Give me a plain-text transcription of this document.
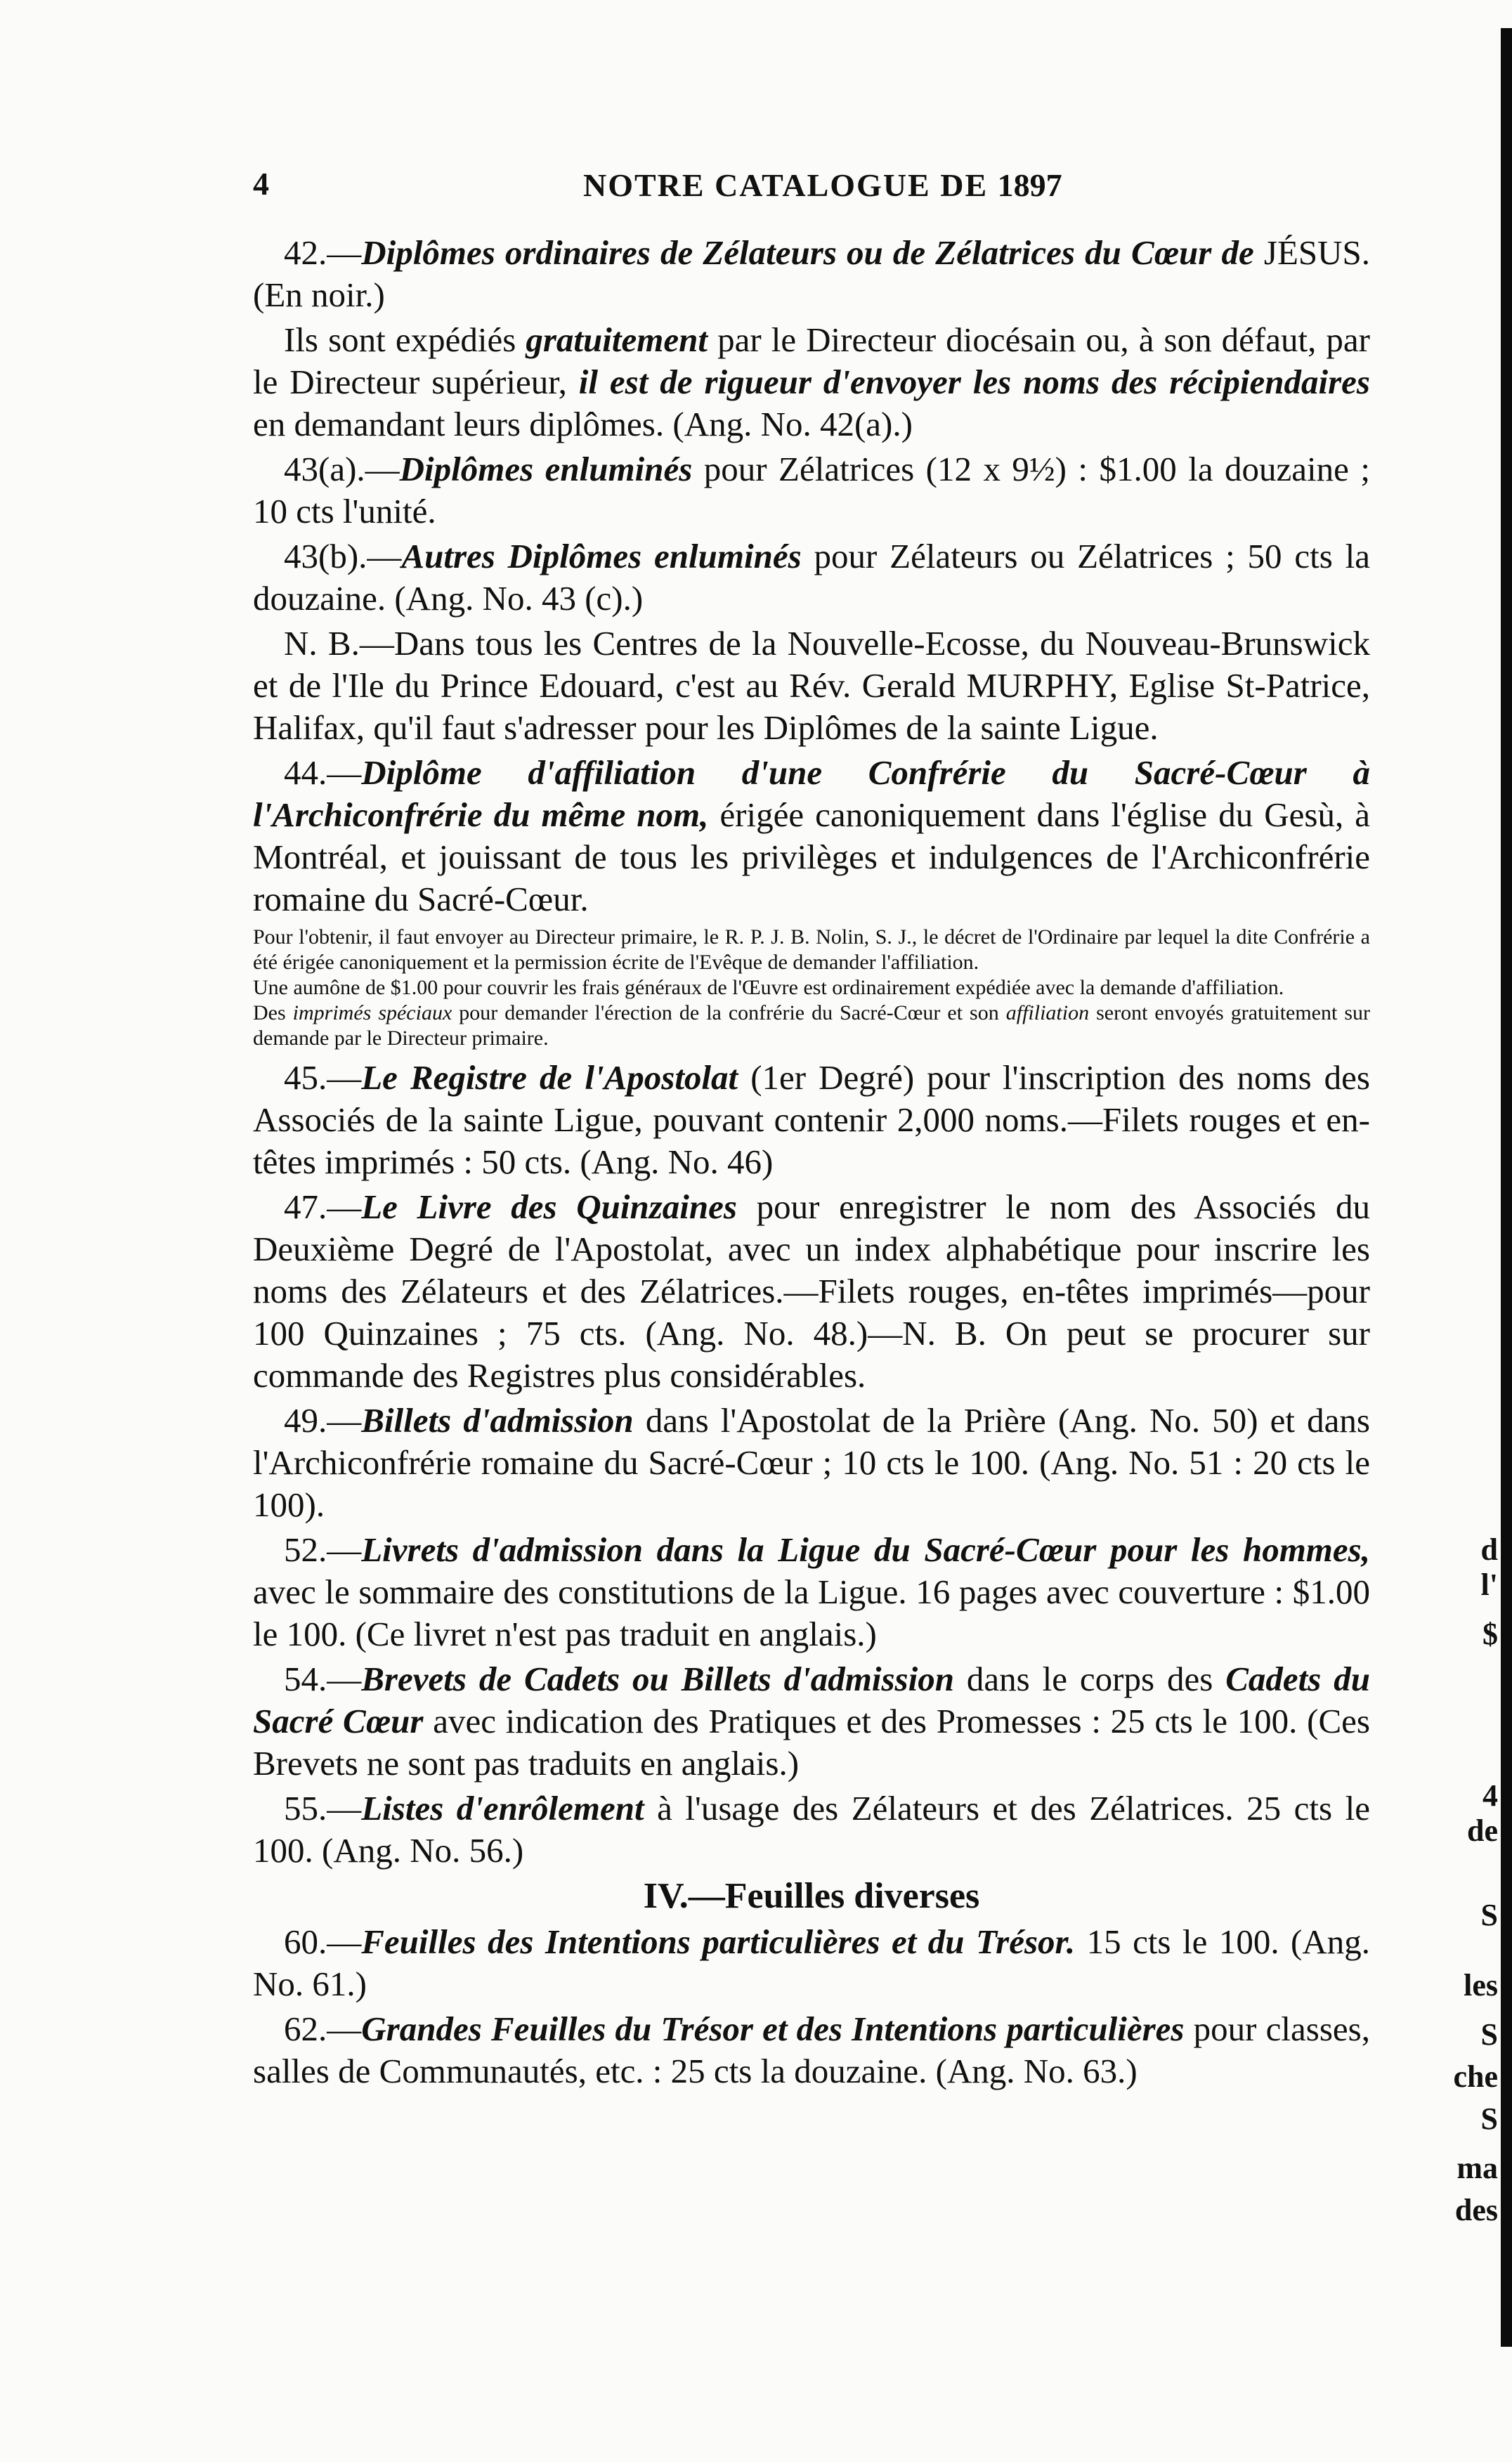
4	NOTRE CATALOGUE DE 1897

42.—Diplômes ordinaires de Zélateurs ou de Zélatrices du Cœur de JÉSUS. (En noir.)

Ils sont expédiés gratuitement par le Directeur diocésain ou, à son défaut, par le Directeur supérieur, il est de rigueur d'envoyer les noms des récipiendaires en demandant leurs diplômes. (Ang. No. 42(a).)

43(a).—Diplômes enluminés pour Zélatrices (12 x 9½) : $1.00 la douzaine ; 10 cts l'unité.

43(b).—Autres Diplômes enluminés pour Zélateurs ou Zélatrices ; 50 cts la douzaine. (Ang. No. 43 (c).)

N. B.—Dans tous les Centres de la Nouvelle-Ecosse, du Nouveau-Brunswick et de l'Ile du Prince Edouard, c'est au Rév. Gerald MURPHY, Eglise St-Patrice, Halifax, qu'il faut s'adresser pour les Diplômes de la sainte Ligue.

44.—Diplôme d'affiliation d'une Confrérie du Sacré-Cœur à l'Archiconfrérie du même nom, érigée canoniquement dans l'église du Gesù, à Montréal, et jouissant de tous les privilèges et indulgences de l'Archiconfrérie romaine du Sacré-Cœur.

Pour l'obtenir, il faut envoyer au Directeur primaire, le R. P. J. B. Nolin, S. J., le décret de l'Ordinaire par lequel la dite Confrérie a été érigée canoniquement et la permission écrite de l'Evêque de demander l'affiliation.

Une aumône de $1.00 pour couvrir les frais généraux de l'Œuvre est ordinairement expédiée avec la demande d'affiliation.

Des imprimés spéciaux pour demander l'érection de la confrérie du Sacré-Cœur et son affiliation seront envoyés gratuitement sur demande par le Directeur primaire.

45.—Le Registre de l'Apostolat (1er Degré) pour l'inscription des noms des Associés de la sainte Ligue, pouvant contenir 2,000 noms.—Filets rouges et en-têtes imprimés : 50 cts. (Ang. No. 46)

47.—Le Livre des Quinzaines pour enregistrer le nom des Associés du Deuxième Degré de l'Apostolat, avec un index alphabétique pour inscrire les noms des Zélateurs et des Zélatrices.—Filets rouges, en-têtes imprimés—pour 100 Quinzaines ; 75 cts. (Ang. No. 48.)—N. B. On peut se procurer sur commande des Registres plus considérables.

49.—Billets d'admission dans l'Apostolat de la Prière (Ang. No. 50) et dans l'Archiconfrérie romaine du Sacré-Cœur ; 10 cts le 100. (Ang. No. 51 : 20 cts le 100).

52.—Livrets d'admission dans la Ligue du Sacré-Cœur pour les hommes, avec le sommaire des constitutions de la Ligue. 16 pages avec couverture : $1.00 le 100. (Ce livret n'est pas traduit en anglais.)

54.—Brevets de Cadets ou Billets d'admission dans le corps des Cadets du Sacré Cœur avec indication des Pratiques et des Promesses : 25 cts le 100. (Ces Brevets ne sont pas traduits en anglais.)

55.—Listes d'enrôlement à l'usage des Zélateurs et des Zélatrices. 25 cts le 100. (Ang. No. 56.)

IV.—Feuilles diverses

60.—Feuilles des Intentions particulières et du Trésor. 15 cts le 100. (Ang. No. 61.)

62.—Grandes Feuilles du Trésor et des Intentions particulières pour classes, salles de Communautés, etc. : 25 cts la douzaine. (Ang. No. 63.)

d
l'
$
4
de
S
les
S
che
S
ma
des
